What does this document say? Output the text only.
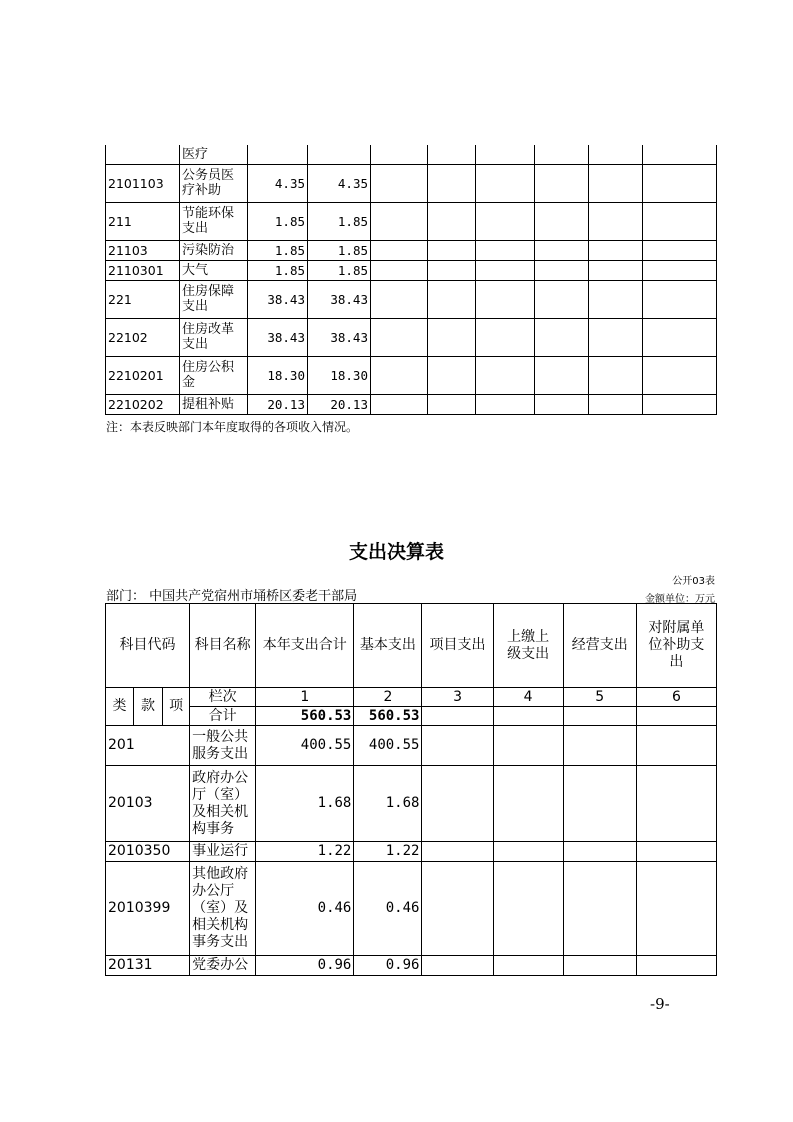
	医疗								
2101103	公务员医疗补助	4.35	4.35						
211	节能环保支出	1.85	1.85						
21103	污染防治	1.85	1.85						
2110301	大气	1.85	1.85						
221	住房保障支出	38.43	38.43						
22102	住房改革支出	38.43	38.43						
2210201	住房公积金	18.30	18.30						
2210202	提租补贴	20.13	20.13						
注：本表反映部门本年度取得的各项收入情况。
支出决算表
公开03表
部门： 中国共产党宿州市埇桥区委老干部局	金额单位：万元
科目代码			科目名称	本年支出合计	基本支出	项目支出	上缴上级支出	经营支出	对附属单位补助支出
类	款	项	栏次	1	2	3	4	5	6
			合计	560.53	560.53				
201			一般公共服务支出	400.55	400.55				
20103			政府办公厅（室）及相关机构事务	1.68	1.68				
2010350			事业运行	1.22	1.22				
2010399			其他政府办公厅（室）及相关机构事务支出	0.46	0.46				
20131			党委办公	0.96	0.96				
-9-
